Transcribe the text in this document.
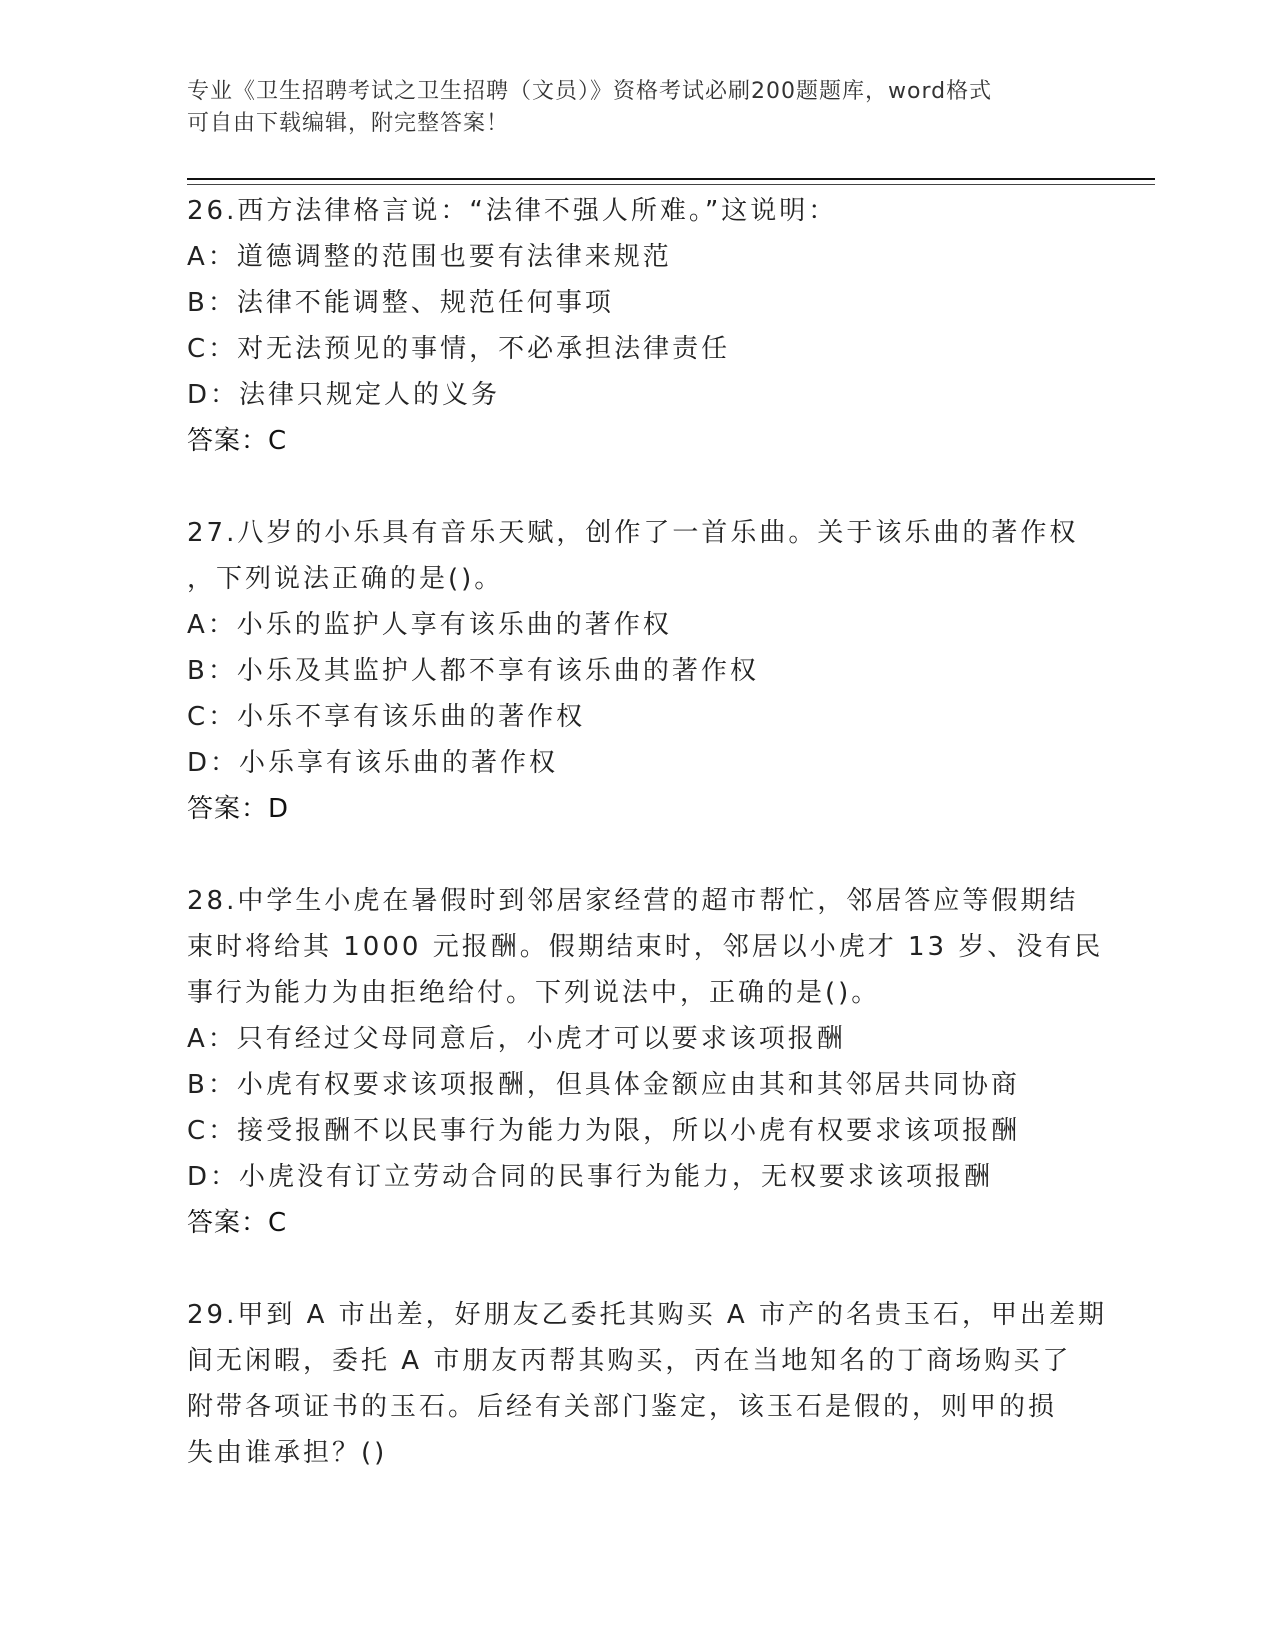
专业《卫生招聘考试之卫生招聘（文员）》资格考试必刷200题题库，word格式
可自由下载编辑，附完整答案！
26.西方法律格言说：“法律不强人所难。”这说明：
A：道德调整的范围也要有法律来规范
B：法律不能调整、规范任何事项
C：对无法预见的事情，不必承担法律责任
D：法律只规定人的义务
答案：C
27.八岁的小乐具有音乐天赋，创作了一首乐曲。关于该乐曲的著作权
，下列说法正确的是()。
A：小乐的监护人享有该乐曲的著作权
B：小乐及其监护人都不享有该乐曲的著作权
C：小乐不享有该乐曲的著作权
D：小乐享有该乐曲的著作权
答案：D
28.中学生小虎在暑假时到邻居家经营的超市帮忙，邻居答应等假期结
束时将给其 1000 元报酬。假期结束时，邻居以小虎才 13 岁、没有民
事行为能力为由拒绝给付。下列说法中，正确的是()。
A：只有经过父母同意后，小虎才可以要求该项报酬
B：小虎有权要求该项报酬，但具体金额应由其和其邻居共同协商
C：接受报酬不以民事行为能力为限，所以小虎有权要求该项报酬
D：小虎没有订立劳动合同的民事行为能力，无权要求该项报酬
答案：C
29.甲到 A 市出差，好朋友乙委托其购买 A 市产的名贵玉石，甲出差期
间无闲暇，委托 A 市朋友丙帮其购买，丙在当地知名的丁商场购买了
附带各项证书的玉石。后经有关部门鉴定，该玉石是假的，则甲的损
失由谁承担？()
